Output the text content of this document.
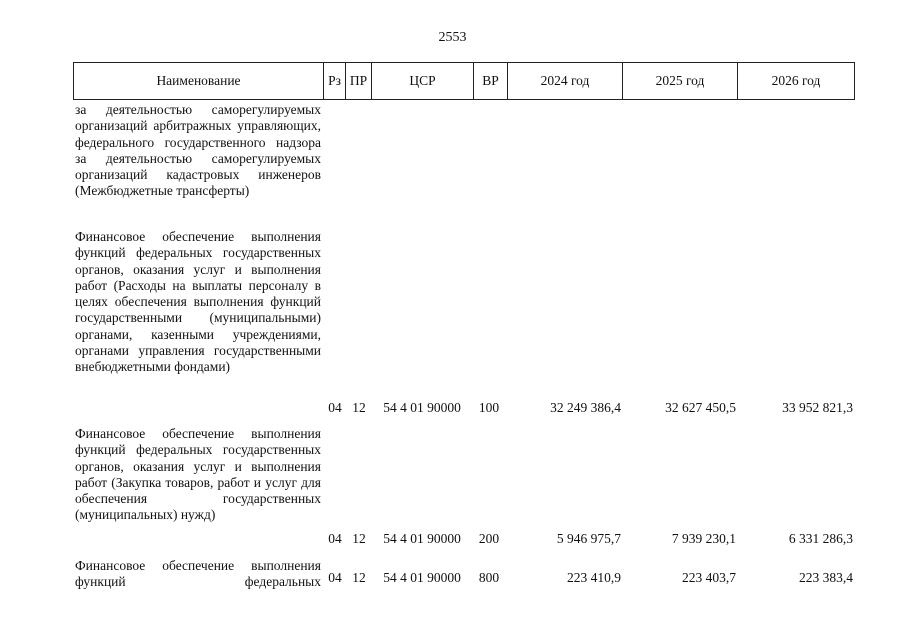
2553
Наименование	Рз	ПР	ЦСР	ВР	2024 год	2025 год	2026 год
за деятельностью саморегулируемых организаций арбитражных управляющих, федерального государственного надзора за деятельностью саморегулируемых организаций кадастровых инженеров (Межбюджетные трансферты)
Финансовое обеспечение выполнения функций федеральных государственных органов, оказания услуг и выполнения работ (Расходы на выплаты персоналу в целях обеспечения выполнения функций государственными (муниципальными) органами, казенными учреждениями, органами управления государственными внебюджетными фондами)
04 12	54 4 01 90000	100	32 249 386,4	32 627 450,5	33 952 821,3
Финансовое обеспечение выполнения функций федеральных государственных органов, оказания услуг и выполнения работ (Закупка товаров, работ и услуг для обеспечения государственных (муниципальных) нужд)
04 12	54 4 01 90000	200	5 946 975,7	7 939 230,1	6 331 286,3
Финансовое обеспечение выполнения функций федеральных 04 12	54 4 01 90000	800	223 410,9	223 403,7	223 383,4
